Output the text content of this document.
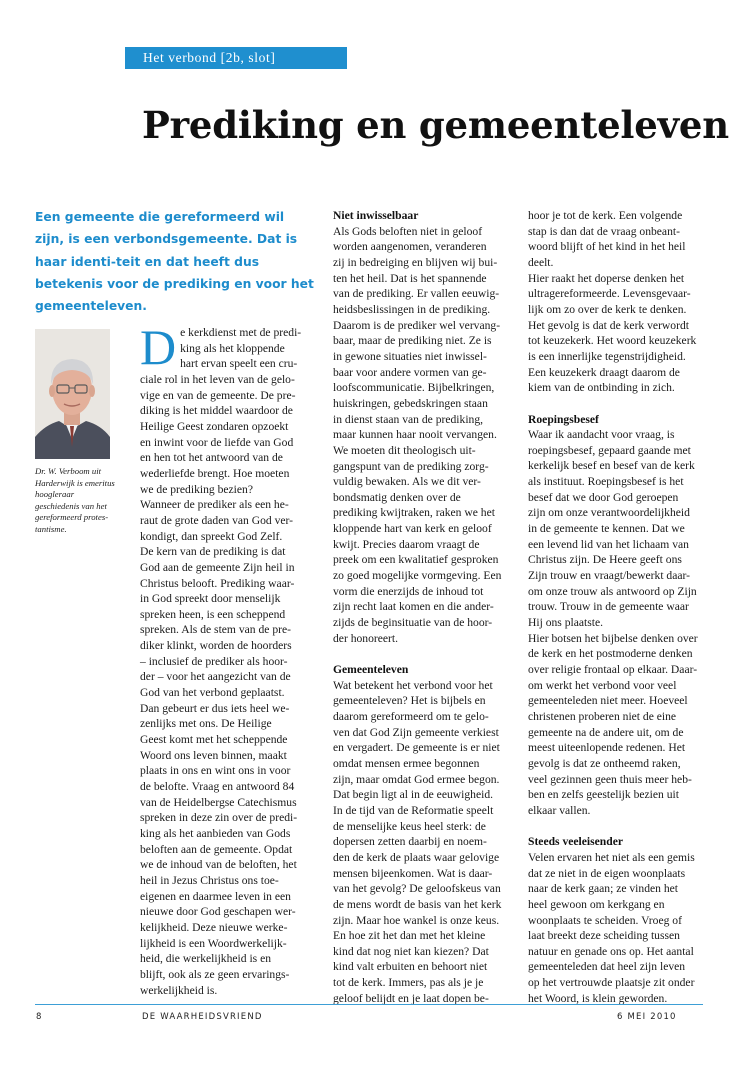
Het verbond [2b, slot]
Prediking en gemeenteleven

Een gemeente die gereformeerd wil zijn, is een verbondsgemeente. Dat is haar identi-teit en dat heeft dus betekenis voor de prediking en voor het gemeenteleven.

Dr. W. Verboom uit Harderwijk is emeritus hoogleraar geschiedenis van het gereformeerd protes-tantisme.

D e kerkdienst met de predi-
king als het kloppende
hart ervan speelt een cru-
ciale rol in het leven van de gelo-
vige en van de gemeente. De pre-
diking is het middel waardoor de
Heilige Geest zondaren opzoekt
en inwint voor de liefde van God
en hen tot het antwoord van de
wederliefde brengt. Hoe moeten
we de prediking bezien?
Wanneer de prediker als een he-
raut de grote daden van God ver-
kondigt, dan spreekt God Zelf.
De kern van de prediking is dat
God aan de gemeente Zijn heil in
Christus belooft. Prediking waar-
in God spreekt door menselijk
spreken heen, is een scheppend
spreken. Als de stem van de pre-
diker klinkt, worden de hoorders
– inclusief de prediker als hoor-
der – voor het aangezicht van de
God van het verbond geplaatst.
Dan gebeurt er dus iets heel we-
zenlijks met ons. De Heilige
Geest komt met het scheppende
Woord ons leven binnen, maakt
plaats in ons en wint ons in voor
de belofte. Vraag en antwoord 84
van de Heidelbergse Catechismus
spreken in deze zin over de predi-
king als het aanbieden van Gods
beloften aan de gemeente. Opdat
we de inhoud van de beloften, het
heil in Jezus Christus ons toe-
eigenen en daarmee leven in een
nieuwe door God geschapen wer-
kelijkheid. Deze nieuwe werke-
lijkheid is een Woordwerkelijk-
heid, die werkelijkheid is en
blijft, ook als ze geen ervarings-
werkelijkheid is.

Niet inwisselbaar

Als Gods beloften niet in geloof
worden aangenomen, veranderen
zij in bedreiging en blijven wij bui-
ten het heil. Dat is het spannende
van de prediking. Er vallen eeuwig-
heidsbeslissingen in de prediking.
Daarom is de prediker wel vervang-
baar, maar de prediking niet. Ze is
in gewone situaties niet inwissel-
baar voor andere vormen van ge-
loofscommunicatie. Bijbelkringen,
huiskringen, gebedskringen staan
in dienst staan van de prediking,
maar kunnen haar nooit vervangen.
We moeten dit theologisch uit-
gangspunt van de prediking zorg-
vuldig bewaken. Als we dit ver-
bondsmatig denken over de
prediking kwijtraken, raken we het
kloppende hart van kerk en geloof
kwijt. Precies daarom vraagt de
preek om een kwalitatief gesproken
zo goed mogelijke vormgeving. Een
vorm die enerzijds de inhoud tot
zijn recht laat komen en die ander-
zijds de beginsituatie van de hoor-
der honoreert.

Gemeenteleven

Wat betekent het verbond voor het
gemeenteleven? Het is bijbels en
daarom gereformeerd om te gelo-
ven dat God Zijn gemeente verkiest
en vergadert. De gemeente is er niet
omdat mensen ermee begonnen
zijn, maar omdat God ermee begon.
Dat begin ligt al in de eeuwigheid.
In de tijd van de Reformatie speelt
de menselijke keus heel sterk: de
dopersen zetten daarbij en noem-
den de kerk de plaats waar gelovige
mensen bijeenkomen. Wat is daar-
van het gevolg? De geloofskeus van
de mens wordt de basis van het kerk
zijn. Maar hoe wankel is onze keus.
En hoe zit het dan met het kleine
kind dat nog niet kan kiezen? Dat
kind valt erbuiten en behoort niet
tot de kerk. Immers, pas als je je
geloof belijdt en je laat dopen be-

hoor je tot de kerk. Een volgende
stap is dan dat de vraag onbeant-
woord blijft of het kind in het heil
deelt.
Hier raakt het doperse denken het
ultragereformeerde. Levensgevaar-
lijk om zo over de kerk te denken.
Het gevolg is dat de kerk verwordt
tot keuzekerk. Het woord keuzekerk
is een innerlijke tegenstrijdigheid.
Een keuzekerk draagt daarom de
kiem van de ontbinding in zich.

Roepingsbesef

Waar ik aandacht voor vraag, is
roepingsbesef, gepaard gaande met
kerkelijk besef en besef van de kerk
als instituut. Roepingsbesef is het
besef dat we door God geroepen
zijn om onze verantwoordelijkheid
in de gemeente te kennen. Dat we
een levend lid van het lichaam van
Christus zijn. De Heere geeft ons
Zijn trouw en vraagt/bewerkt daar-
om onze trouw als antwoord op Zijn
trouw. Trouw in de gemeente waar
Hij ons plaatste.
Hier botsen het bijbelse denken over
de kerk en het postmoderne denken
over religie frontaal op elkaar. Daar-
om werkt het verbond voor veel
gemeenteleden niet meer. Hoeveel
christenen proberen niet de eine
gemeente na de andere uit, om de
meest uiteenlopende redenen. Het
gevolg is dat ze ontheemd raken,
veel gezinnen geen thuis meer heb-
ben en zelfs geestelijk bezien uit
elkaar vallen.

Steeds veeleisender

Velen ervaren het niet als een gemis
dat ze niet in de eigen woonplaats
naar de kerk gaan; ze vinden het
heel gewoon om kerkgang en
woonplaats te scheiden. Vroeg of
laat breekt deze scheiding tussen
natuur en genade ons op. Het aantal
gemeenteleden dat heel zijn leven
op het vertrouwde plaatsje zit onder
het Woord, is klein geworden.

8	DE WAARHEIDSVRIEND	6 MEI 2010
